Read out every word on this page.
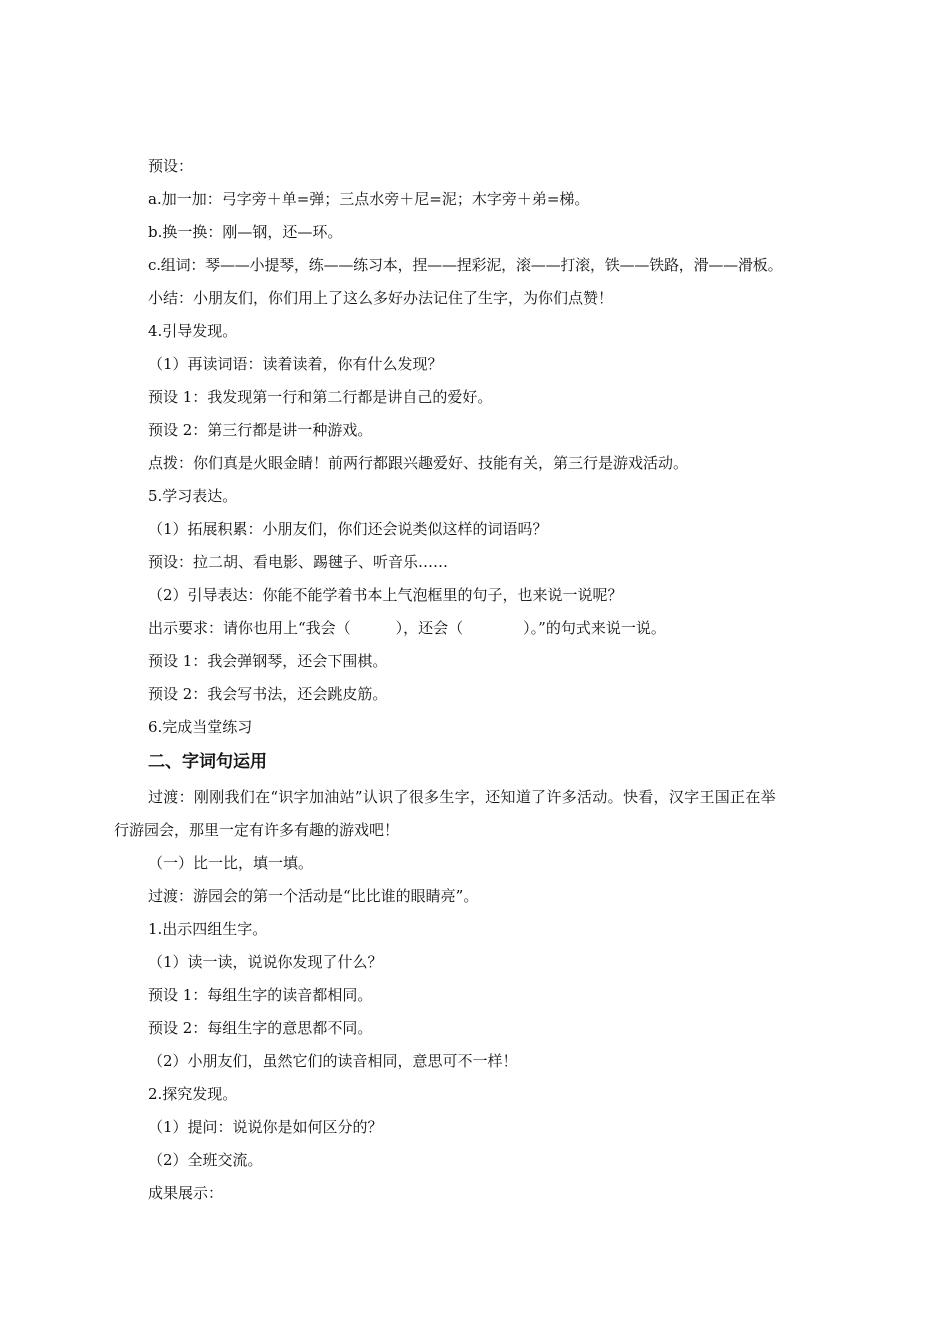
预设：
a.加一加：弓字旁＋单=弹；三点水旁＋尼=泥；木字旁＋弟=梯。
b.换一换：刚—钢，还—环。
c.组词：琴——小提琴，练——练习本，捏——捏彩泥，滚——打滚，铁——铁路，滑——滑板。
小结：小朋友们，你们用上了这么多好办法记住了生字，为你们点赞！
4.引导发现。
（1）再读词语：读着读着，你有什么发现？
预设 1：我发现第一行和第二行都是讲自己的爱好。
预设 2：第三行都是讲一种游戏。
点拨：你们真是火眼金睛！前两行都跟兴趣爱好、技能有关，第三行是游戏活动。
5.学习表达。
（1）拓展积累：小朋友们，你们还会说类似这样的词语吗？
预设：拉二胡、看电影、踢毽子、听音乐……
（2）引导表达：你能不能学着书本上气泡框里的句子，也来说一说呢？
出示要求：请你也用上“我会（　　　），还会（　　　　）。”的句式来说一说。
预设 1：我会弹钢琴，还会下围棋。
预设 2：我会写书法，还会跳皮筋。
6.完成当堂练习
二、字词句运用
过渡：刚刚我们在“识字加油站”认识了很多生字，还知道了许多活动。快看，汉字王国正在举
行游园会，那里一定有许多有趣的游戏吧！
（一）比一比，填一填。
过渡：游园会的第一个活动是“比比谁的眼睛亮”。
1.出示四组生字。
（1）读一读，说说你发现了什么？
预设 1：每组生字的读音都相同。
预设 2：每组生字的意思都不同。
（2）小朋友们，虽然它们的读音相同，意思可不一样！
2.探究发现。
（1）提问：说说你是如何区分的？
（2）全班交流。
成果展示：
